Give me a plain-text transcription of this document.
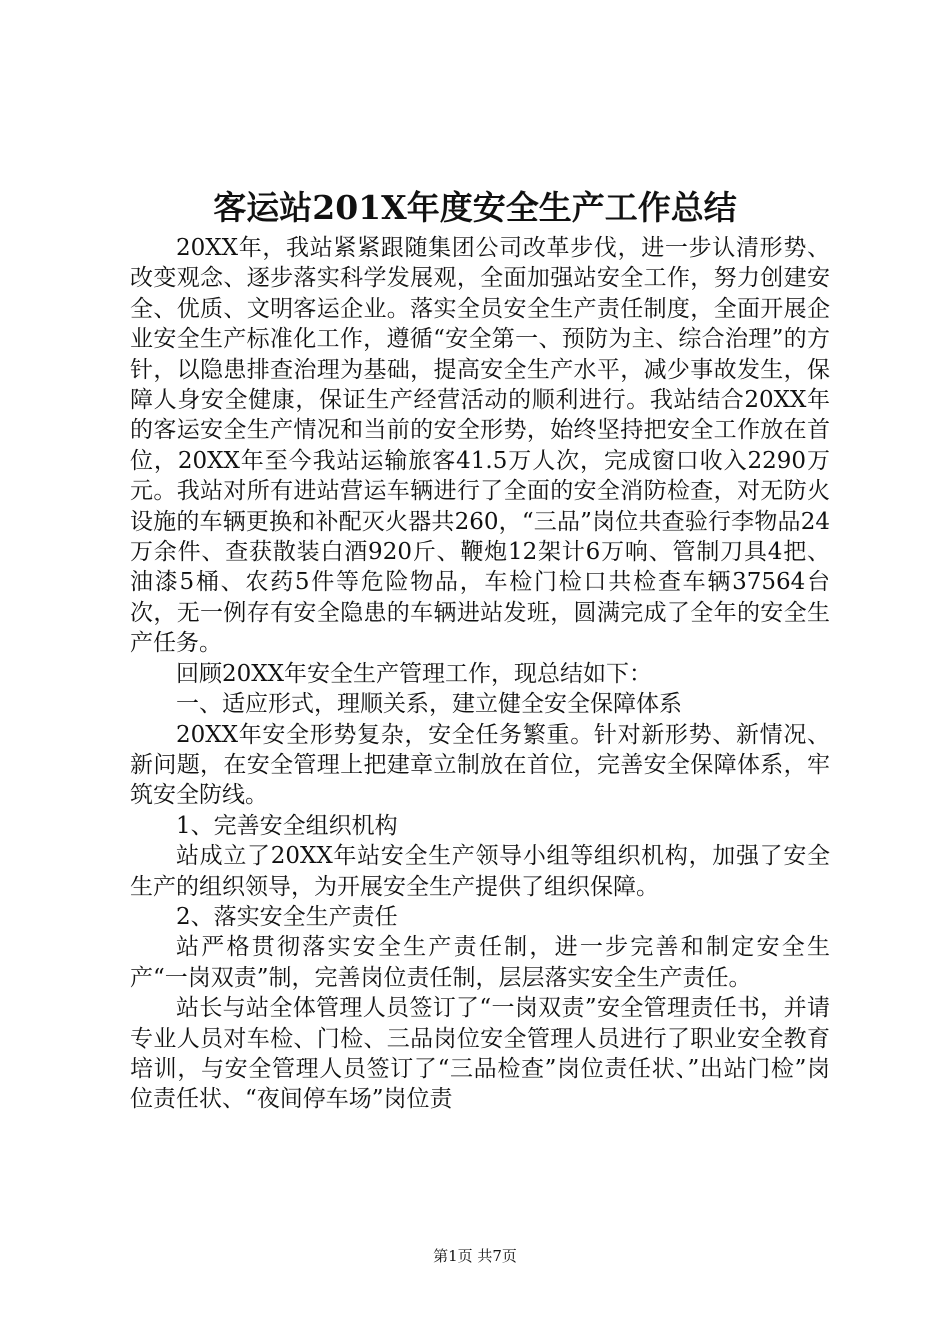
客运站201X年度安全生产工作总结

20XX年，我站紧紧跟随集团公司改革步伐，进一步认清形势、改变观念、逐步落实科学发展观，全面加强站安全工作，努力创建安全、优质、文明客运企业。落实全员安全生产责任制度，全面开展企业安全生产标准化工作，遵循“安全第一、预防为主、综合治理”的方针，以隐患排查治理为基础，提高安全生产水平，减少事故发生，保障人身安全健康，保证生产经营活动的顺利进行。我站结合20XX年的客运安全生产情况和当前的安全形势，始终坚持把安全工作放在首位，20XX年至今我站运输旅客41.5万人次，完成窗口收入2290万元。我站对所有进站营运车辆进行了全面的安全消防检查，对无防火设施的车辆更换和补配灭火器共260，“三品”岗位共查验行李物品24万余件、查获散装白酒920斤、鞭炮12架计6万响、管制刀具4把、油漆5桶、农药5件等危险物品，车检门检口共检查车辆37564台次，无一例存有安全隐患的车辆进站发班，圆满完成了全年的安全生产任务。

回顾20XX年安全生产管理工作，现总结如下：

一、适应形式，理顺关系，建立健全安全保障体系

20XX年安全形势复杂，安全任务繁重。针对新形势、新情况、新问题，在安全管理上把建章立制放在首位，完善安全保障体系，牢筑安全防线。

1、完善安全组织机构

站成立了20XX年站安全生产领导小组等组织机构，加强了安全生产的组织领导，为开展安全生产提供了组织保障。

2、落实安全生产责任

站严格贯彻落实安全生产责任制，进一步完善和制定安全生产“一岗双责”制，完善岗位责任制，层层落实安全生产责任。

站长与站全体管理人员签订了“一岗双责”安全管理责任书，并请专业人员对车检、门检、三品岗位安全管理人员进行了职业安全教育培训，与安全管理人员签订了“三品检查”岗位责任状、”出站门检”岗位责任状、“夜间停车场”岗位责

第1页 共7页
